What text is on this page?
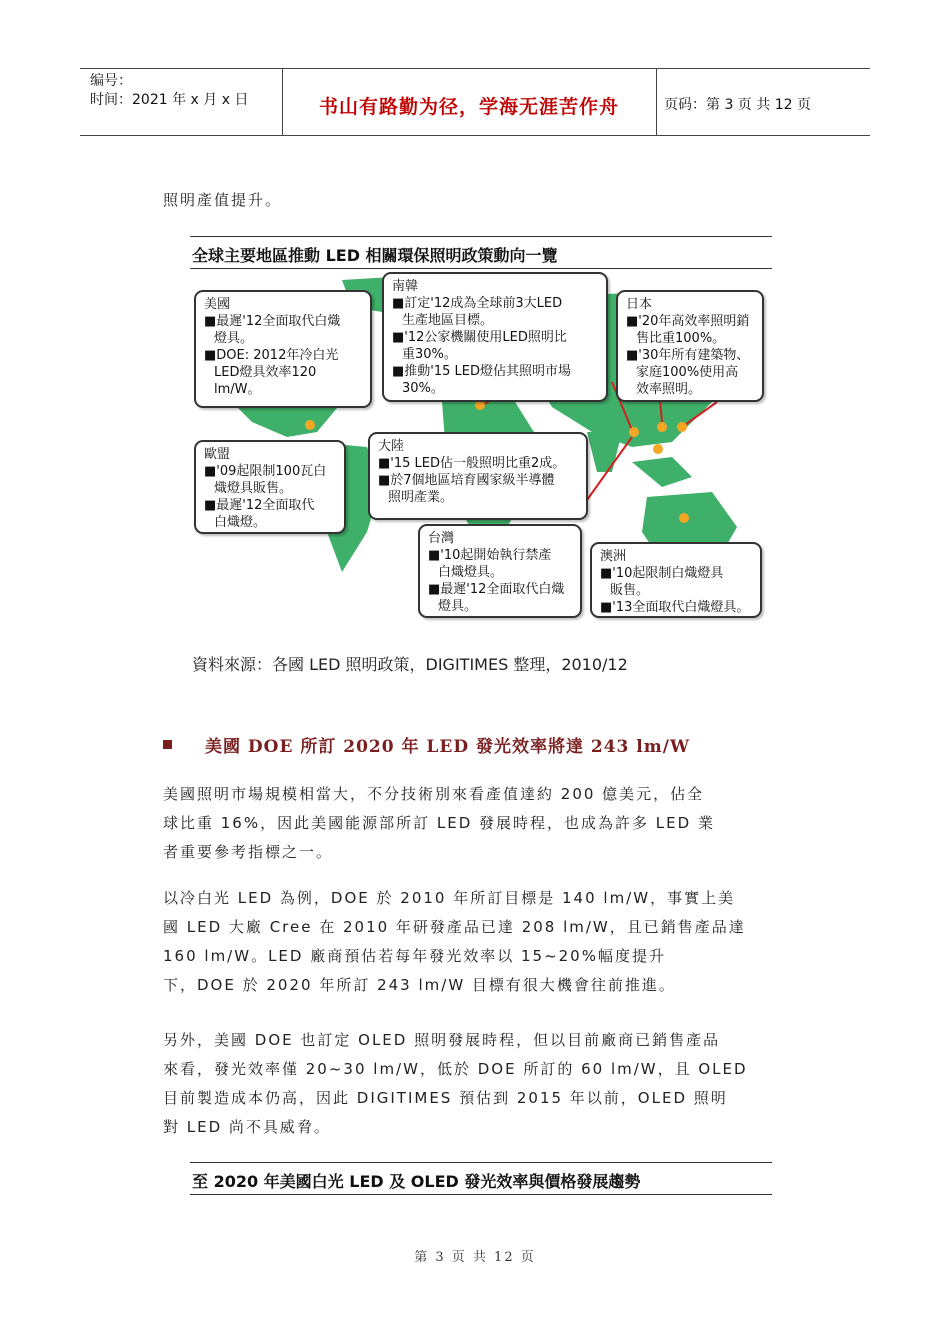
编号：
时间：2021 年 x 月 x 日	书山有路勤为径，学海无涯苦作舟	页码：第 3 页 共 12 页
照明產值提升。
全球主要地區推動 LED 相關環保照明政策動向一覽
美國
■最遲'12全面取代白熾
燈具。
■DOE: 2012年冷白光
LED燈具效率120
lm/W。
南韓
■訂定'12成為全球前3大LED
生產地區目標。
■'12公家機關使用LED照明比
重30%。
■推動'15 LED燈佔其照明市場
30%。
日本
■'20年高效率照明銷
售比重100%。
■'30年所有建築物、
家庭100%使用高
效率照明。
歐盟
■'09起限制100瓦白
熾燈具販售。
■最遲'12全面取代
白熾燈。
大陸
■'15 LED佔一般照明比重2成。
■於7個地區培育國家級半導體
照明產業。
台灣
■'10起開始執行禁產
白熾燈具。
■最遲'12全面取代白熾
燈具。
澳洲
■'10起限制白熾燈具
販售。
■'13全面取代白熾燈具。
資料來源：各國 LED 照明政策，DIGITIMES 整理，2010/12
美國 DOE 所訂 2020 年 LED 發光效率將達 243 lm/W
美國照明市場規模相當大，不分技術別來看產值達約 200 億美元，佔全
球比重 16%，因此美國能源部所訂 LED 發展時程，也成為許多 LED 業
者重要參考指標之一。
以冷白光 LED 為例，DOE 於 2010 年所訂目標是 140 lm/W，事實上美
國 LED 大廠 Cree 在 2010 年研發產品已達 208 lm/W，且已銷售產品達
160 lm/W。LED 廠商預估若每年發光效率以 15~20%幅度提升
下，DOE 於 2020 年所訂 243 lm/W 目標有很大機會往前推進。
另外，美國 DOE 也訂定 OLED 照明發展時程，但以目前廠商已銷售產品
來看，發光效率僅 20~30 lm/W，低於 DOE 所訂的 60 lm/W，且 OLED
目前製造成本仍高，因此 DIGITIMES 預估到 2015 年以前，OLED 照明
對 LED 尚不具威脅。
至 2020 年美國白光 LED 及 OLED 發光效率與價格發展趨勢
第 3 页 共 12 页
